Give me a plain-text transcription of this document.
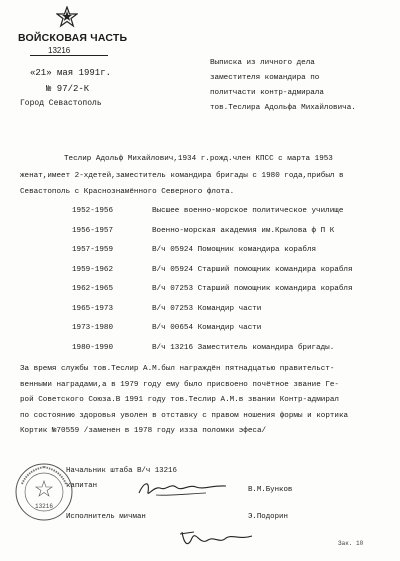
ВОЙСКОВАЯ ЧАСТЬ
13216
«21» мая 1991г.
№ 97/2-К
Город Севастополь
Выписка из личного дела
заместителя командира по
политчасти контр-адмирала
тов.Теслира Адольфа Михайловича.
Теслир Адольф Михайлович,1934 г.рожд.член КПСС с марта 1953
женат,имеет 2-хдетей,заместитель командира бригады с 1980 года,прибыл в
Севастополь с Краснознамённого Северного флота.
1952-1956	Высшее военно-морское политическое училище
1956-1957	Военно-морская академия им.Крылова ф П К
1957-1959	В/ч 05924 Помощник командира корабля
1959-1962	В/ч 05924 Старший помощник командира корабля
1962-1965	В/ч 07253 Старший помощник командира корабля
1965-1973	В/ч 07253 Командир части
1973-1980	В/ч 00654 Командир части
1980-1990	В/ч 13216 Заместитель командира бригады.
За время службы тов.Теслир А.М.был награждён пятнадцатью правительст-
венными наградами,а в 1979 году ему было присвоено почётное звание Ге-
рой Советского Союза.В 1991 году тов.Теслир А.М.в звании Контр-адмирал
по состоянию здоровья уволен в отставку с правом ношения формы и кортика
Кортик №70559 /заменен в 1978 году изза поломки эфеса/
13216
Начальник штаба В/ч 13216
капитан	В.М.Бунков
Исполнитель мичман	Э.Подорин
Зак. 10
